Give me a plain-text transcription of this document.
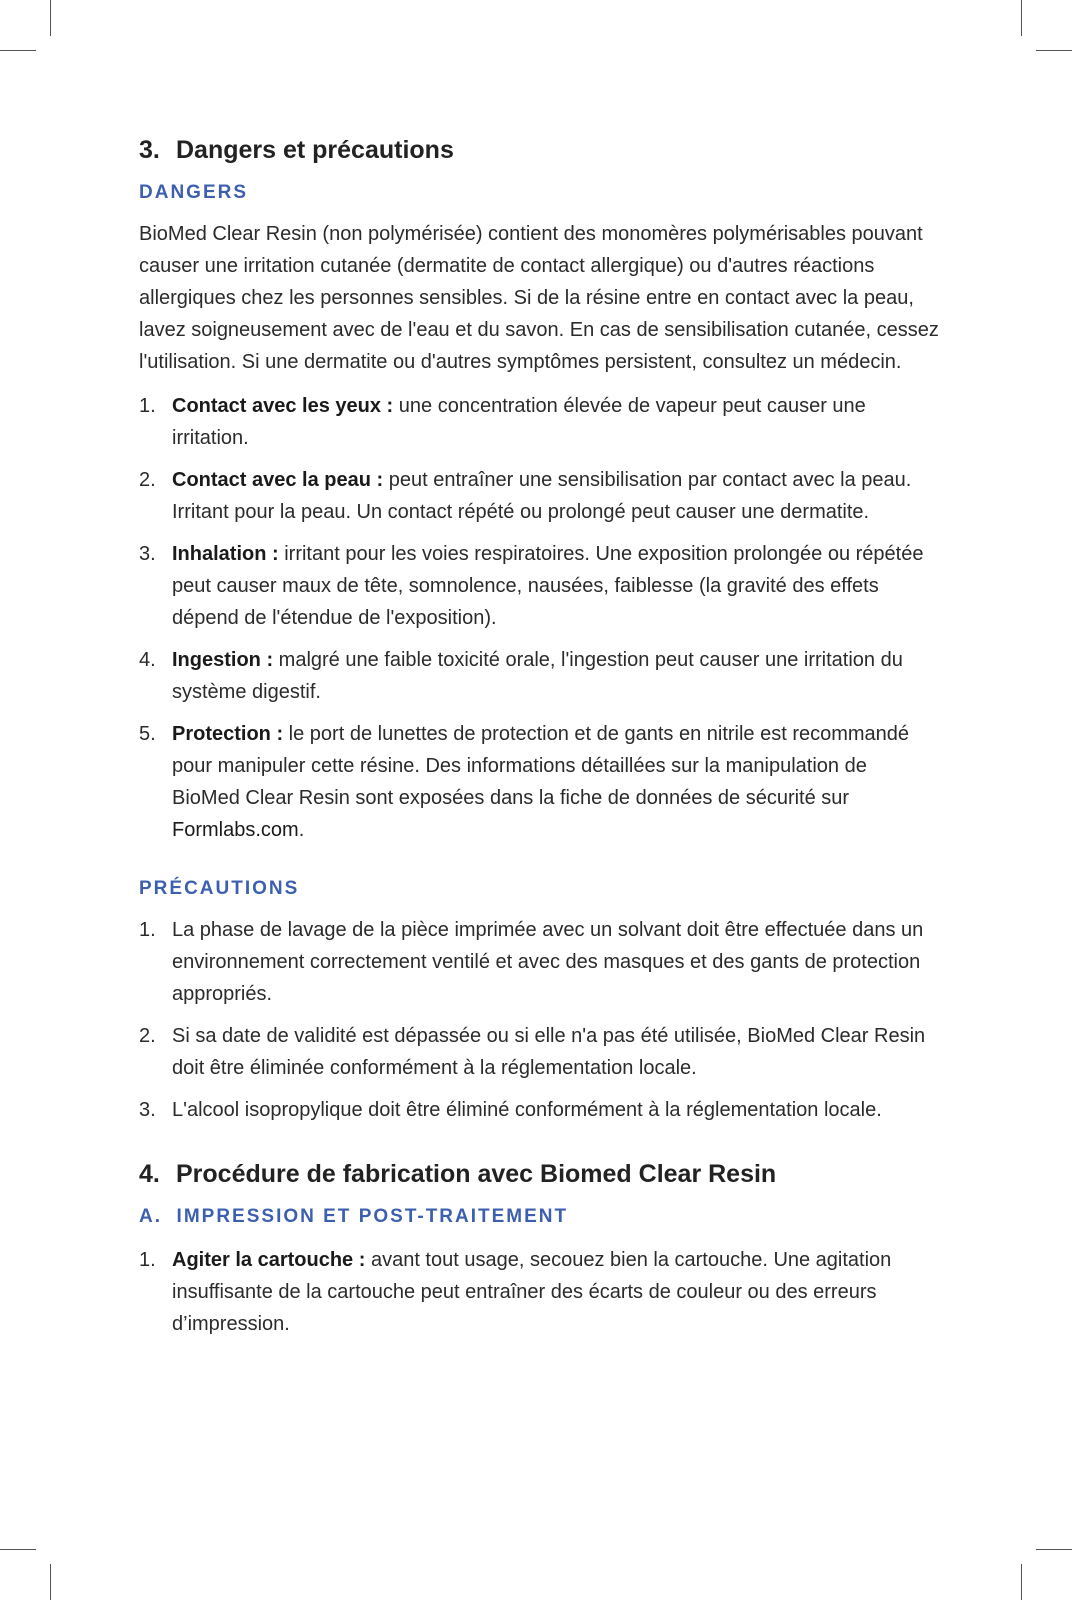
3. Dangers et précautions
DANGERS

BioMed Clear Resin (non polymérisée) contient des monomères polymérisables pouvant causer une irritation cutanée (dermatite de contact allergique) ou d'autres réactions allergiques chez les personnes sensibles. Si de la résine entre en contact avec la peau, lavez soigneusement avec de l'eau et du savon. En cas de sensibilisation cutanée, cessez l'utilisation. Si une dermatite ou d'autres symptômes persistent, consultez un médecin.

1. Contact avec les yeux : une concentration élevée de vapeur peut causer une irritation.
2. Contact avec la peau : peut entraîner une sensibilisation par contact avec la peau. Irritant pour la peau. Un contact répété ou prolongé peut causer une dermatite.
3. Inhalation : irritant pour les voies respiratoires. Une exposition prolongée ou répétée peut causer maux de tête, somnolence, nausées, faiblesse (la gravité des effets dépend de l'étendue de l'exposition).
4. Ingestion : malgré une faible toxicité orale, l'ingestion peut causer une irritation du système digestif.
5. Protection : le port de lunettes de protection et de gants en nitrile est recommandé pour manipuler cette résine. Des informations détaillées sur la manipulation de BioMed Clear Resin sont exposées dans la fiche de données de sécurité sur Formlabs.com.
PRÉCAUTIONS
1. La phase de lavage de la pièce imprimée avec un solvant doit être effectuée dans un environnement correctement ventilé et avec des masques et des gants de protection appropriés.
2. Si sa date de validité est dépassée ou si elle n'a pas été utilisée, BioMed Clear Resin doit être éliminée conformément à la réglementation locale.
3. L'alcool isopropylique doit être éliminé conformément à la réglementation locale.
4. Procédure de fabrication avec Biomed Clear Resin
A.  IMPRESSION ET POST-TRAITEMENT
1. Agiter la cartouche : avant tout usage, secouez bien la cartouche. Une agitation insuffisante de la cartouche peut entraîner des écarts de couleur ou des erreurs d’impression.
